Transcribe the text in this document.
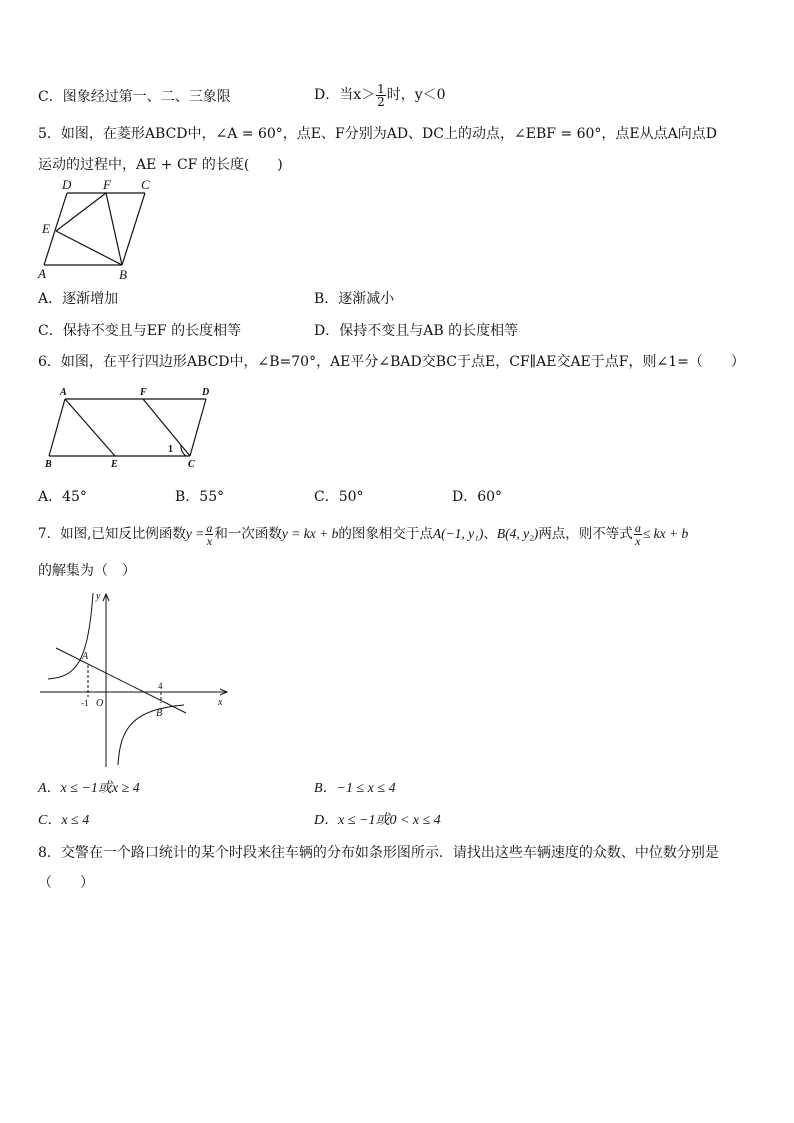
C．图象经过第一、二、三象限	D．当$x> \frac{1}{2}$ 时，y＜0
5．如图，在菱形ABCD中，∠A = 60°，点E、F分别为AD、DC上的动点，∠EBF = 60°，点E从点A向点D
运动的过程中，AE + CF 的长度(　　)
D F C
E
A	B
A．逐渐增加	B．逐渐减小
C．保持不变且与EF 的长度相等	D．保持不变且与AB 的长度相等
6．如图，在平行四边形ABCD中，∠B=70°，AE平分∠BAD交BC于点E，CF∥AE交AE于点F，则∠1=（　　）
A	F	D
B	E	C
1
A．45°	B．55°	C．50°	D．60°
7．如图,已知反比例函数$y = \frac{a}{x}$ 和一次函数y = kx + b的图象相交于点A(−1, y₁)、B(4, y₂)两点，则不等式 $\frac{a}{x}$ ≤ kx + b
的解集为（　）
y
x
O
A
B
-1
4
A．x ≤ −1或x ≥ 4	B．−1 ≤ x ≤ 4
C．x ≤ 4	D．x ≤ −1或0 < x ≤ 4
8．交警在一个路口统计的某个时段来往车辆的分布如条形图所示．请找出这些车辆速度的众数、中位数分别是
（　　）
